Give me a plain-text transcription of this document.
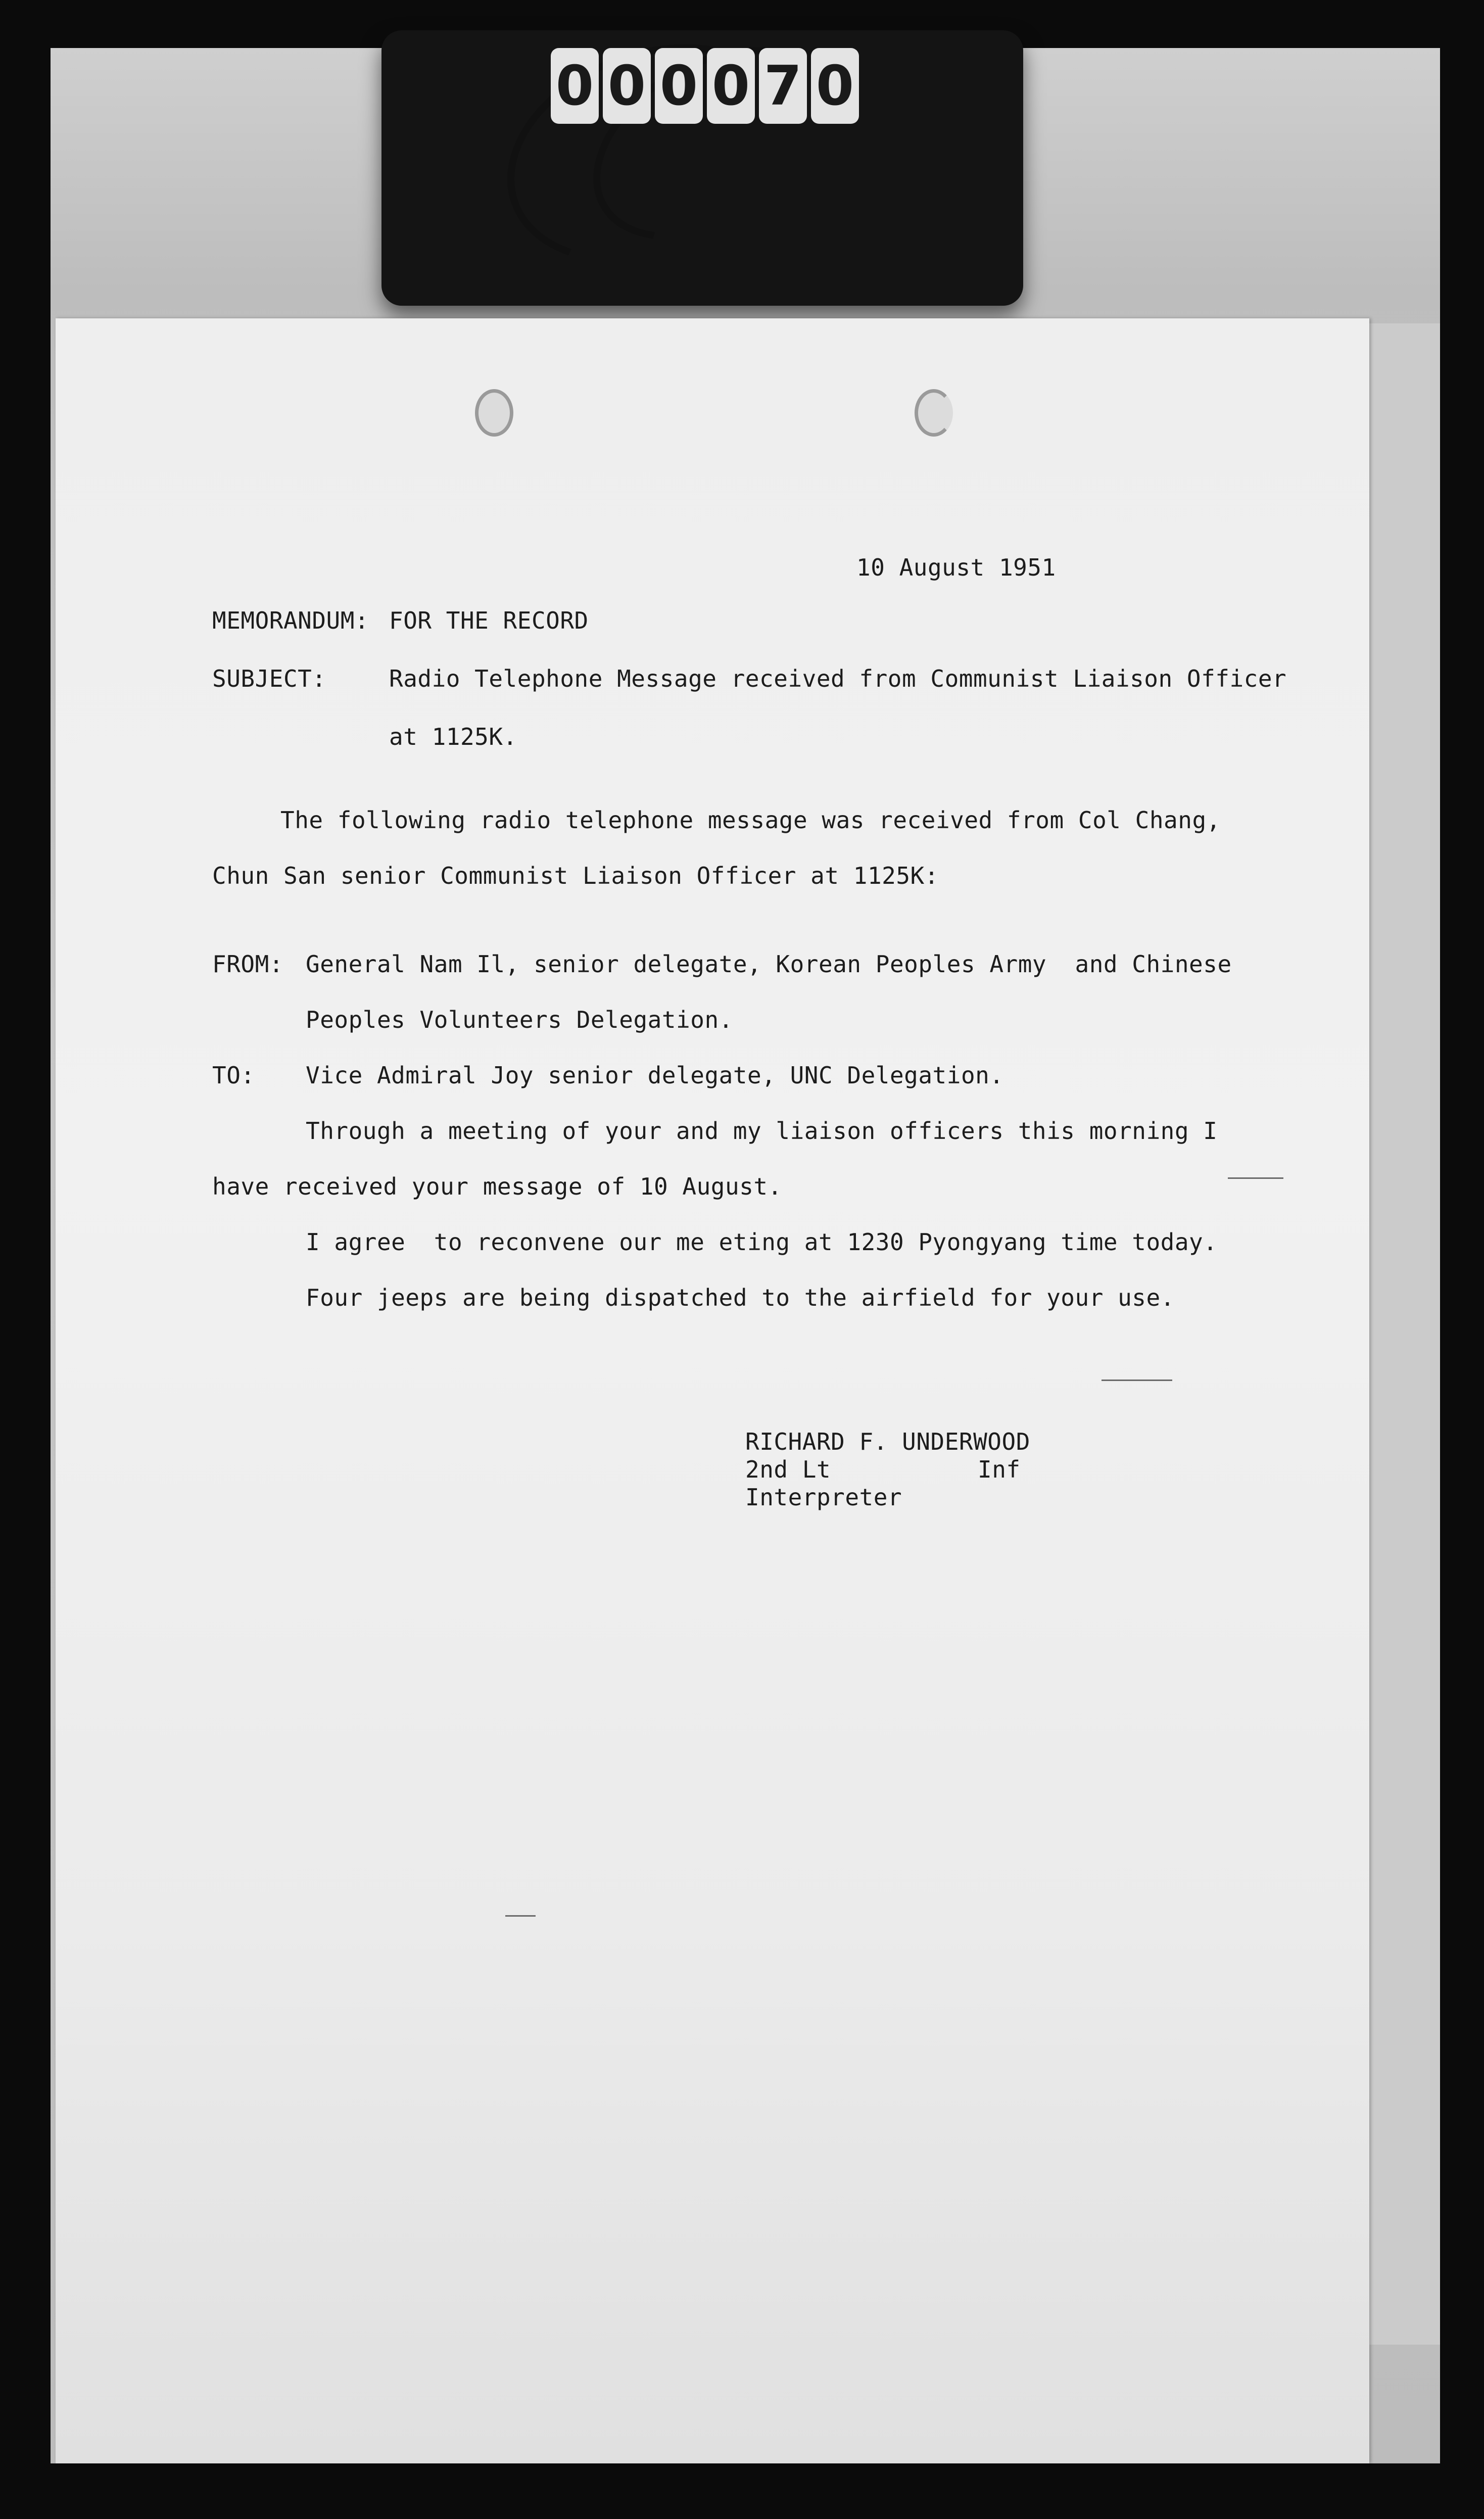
0 0 0 0 7 0
10 August 1951
MEMORANDUM: FOR THE RECORD
SUBJECT:	Radio Telephone Message received from Communist Liaison Officer
at 1125K.
The following radio telephone message was received from Col Chang,
Chun San senior Communist Liaison Officer at 1125K:
FROM: General Nam Il, senior delegate, Korean Peoples Army  and Chinese
Peoples Volunteers Delegation.
TO: Vice Admiral Joy senior delegate, UNC Delegation.
Through a meeting of your and my liaison officers this morning I
have received your message of 10 August.
I agree  to reconvene our me eting at 1230 Pyongyang time today.
Four jeeps are being dispatched to the airfield for your use.
RICHARD F. UNDERWOOD
2nd Lt	Inf
Interpreter
